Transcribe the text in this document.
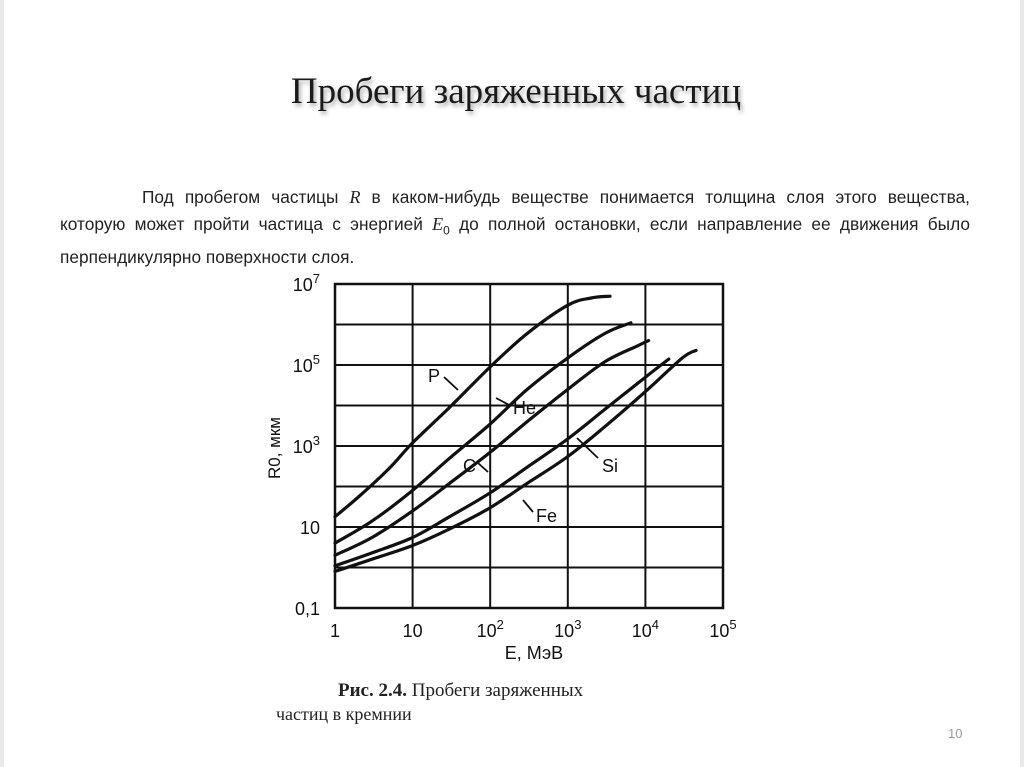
Пробеги заряженных частиц
Под пробегом частицы R в каком-нибудь веществе понимается толщина слоя этого вещества, которую может пройти частица с энергией $E_0$ до полной остановки, если направление ее движения было перпендикулярно поверхности слоя.
1	10	$10^2$	$10^3$	$10^4$	$10^5$
0,1
10
$10^3$
$10^5$
$10^7$
E, МэВ
R0, мкм
P
He
C	Si
Fe
Рис. 2.4. Пробеги заряженных
частиц в кремнии
10
